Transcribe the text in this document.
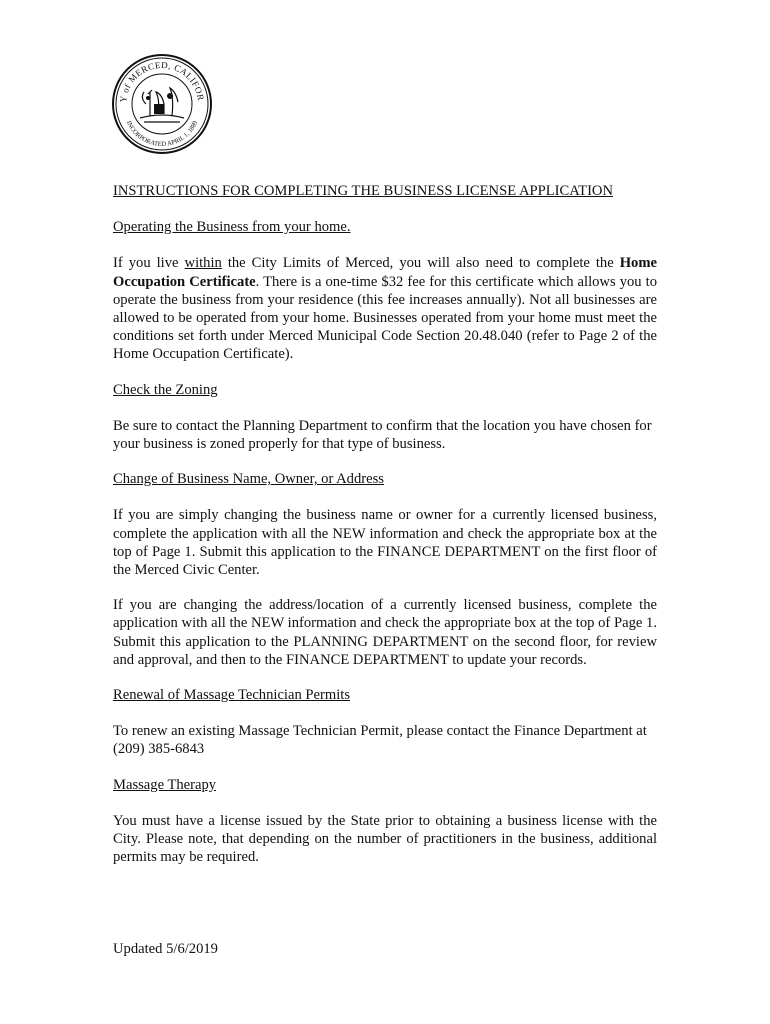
Y of MERCED, CALIFOR
INCORPORATED APRIL 1, 1889
INSTRUCTIONS FOR COMPLETING THE BUSINESS LICENSE APPLICATION
Operating the Business from your home.

If you live within the City Limits of Merced, you will also need to complete the Home Occupation Certificate. There is a one-time $32 fee for this certificate which allows you to operate the business from your residence (this fee increases annually). Not all businesses are allowed to be operated from your home. Businesses operated from your home must meet the conditions set forth under Merced Municipal Code Section 20.48.040 (refer to Page 2 of the Home Occupation Certificate).

Check the Zoning

Be sure to contact the Planning Department to confirm that the location you have chosen for your business is zoned properly for that type of business.

Change of Business Name, Owner, or Address

If you are simply changing the business name or owner for a currently licensed business, complete the application with all the NEW information and check the appropriate box at the top of Page 1. Submit this application to the FINANCE DEPARTMENT on the first floor of the Merced Civic Center.

If you are changing the address/location of a currently licensed business, complete the application with all the NEW information and check the appropriate box at the top of Page 1. Submit this application to the PLANNING DEPARTMENT on the second floor, for review and approval, and then to the FINANCE DEPARTMENT to update your records.

Renewal of Massage Technician Permits

To renew an existing Massage Technician Permit, please contact the Finance Department at (209) 385-6843

Massage Therapy

You must have a license issued by the State prior to obtaining a business license with the City. Please note, that depending on the number of practitioners in the business, additional permits may be required.

Updated 5/6/2019
